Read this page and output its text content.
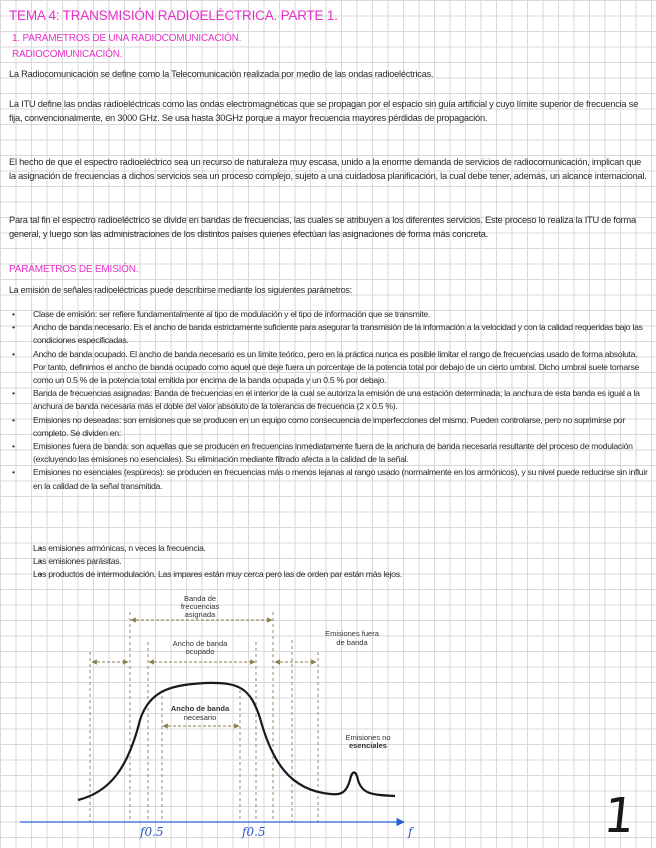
TEMA 4: TRANSMISIÓN RADIOELÉCTRICA. PARTE 1.
1. PARÁMETROS DE UNA RADIOCOMUNICACIÓN.
RADIOCOMUNICACIÓN.

La Radiocomunicación se define como la Telecomunicación realizada por medio de las ondas radioeléctricas.

La ITU define las ondas radioeléctricas como las ondas electromagnéticas que se propagan por el espacio sin guía artificial y cuyo límite superior de frecuencia se fija, convencionalmente, en 3000 GHz. Se usa hasta 30GHz porque a mayor frecuencia mayores pérdidas de propagación.

El hecho de que el espectro radioeléctrico sea un recurso de naturaleza muy escasa, unido a la enorme demanda de servicios de radiocomunicación, implican que la asignación de frecuencias a dichos servicios sea un proceso complejo, sujeto a una cuidadosa planificación, la cual debe tener, además, un alcance internacional.

Para tal fin el espectro radioeléctrico se divide en bandas de frecuencias, las cuales se atribuyen a los diferentes servicios. Este proceso lo realiza la ITU de forma general, y luego son las administraciones de los distintos países quienes efectúan las asignaciones de forma más concreta.

PARÁMETROS DE EMISIÓN.
La emisión de señales radioeléctricas puede describirse mediante los siguientes parámetros:
• Clase de emisión: ser refiere fundamentalmente al tipo de modulación y el tipo de información que se transmite.
• Ancho de banda necesario. Es el ancho de banda estrictamente suficiente para asegurar la transmisión de la información a la velocidad y con la calidad requeridas bajo las condiciones especificadas.
• Ancho de banda ocupado. El ancho de banda necesario es un límite teórico, pero en la práctica nunca es posible limitar el rango de frecuencias usado de forma absoluta. Por tanto, definimos el ancho de banda ocupado como aquel que deje fuera un porcentaje de la potencia total por debajo de un cierto umbral. Dicho umbral suele tomarse como un 0.5 % de la potencia total emitida por encima de la banda ocupada y un 0.5 % por debajo.
• Banda de frecuencias asignadas: Banda de frecuencias en el interior de la cual se autoriza la emisión de una estación determinada; la anchura de esta banda es igual a la anchura de banda necesaria más el doble del valor absoluto de la tolerancia de frecuencia (2 x 0.5 %).
• Emisiones no deseadas: son emisiones que se producen en un equipo como consecuencia de imperfecciones del mismo. Pueden controlarse, pero no suprimirse por completo. Se dividen en:
• Emisiones fuera de banda: son aquellas que se producen en frecuencias inmediatamente fuera de la anchura de banda necesaria resultante del proceso de modulación (excluyendo las emisiones no esenciales). Su eliminación mediante filtrado afecta a la calidad de la señal.
• Emisiones no esenciales (espúreos): se producen en frecuencias más o menos lejanas al rango usado (normalmente en los armónicos), y su nivel puede reducirse sin influir en la calidad de la señal transmitida.
• Las emisiones armónicas, n veces la frecuencia.
• Las emisiones parásitas.
• Los productos de intermodulación. Las impares están muy cerca pero las de orden par están más lejos.
Banda de
frecuencias
asignada
Ancho de banda
ocupado
Ancho de banda
necesario
Emisiones fuera
de banda
Emisiones no
esenciales
f0.5	f0.5	f	1
